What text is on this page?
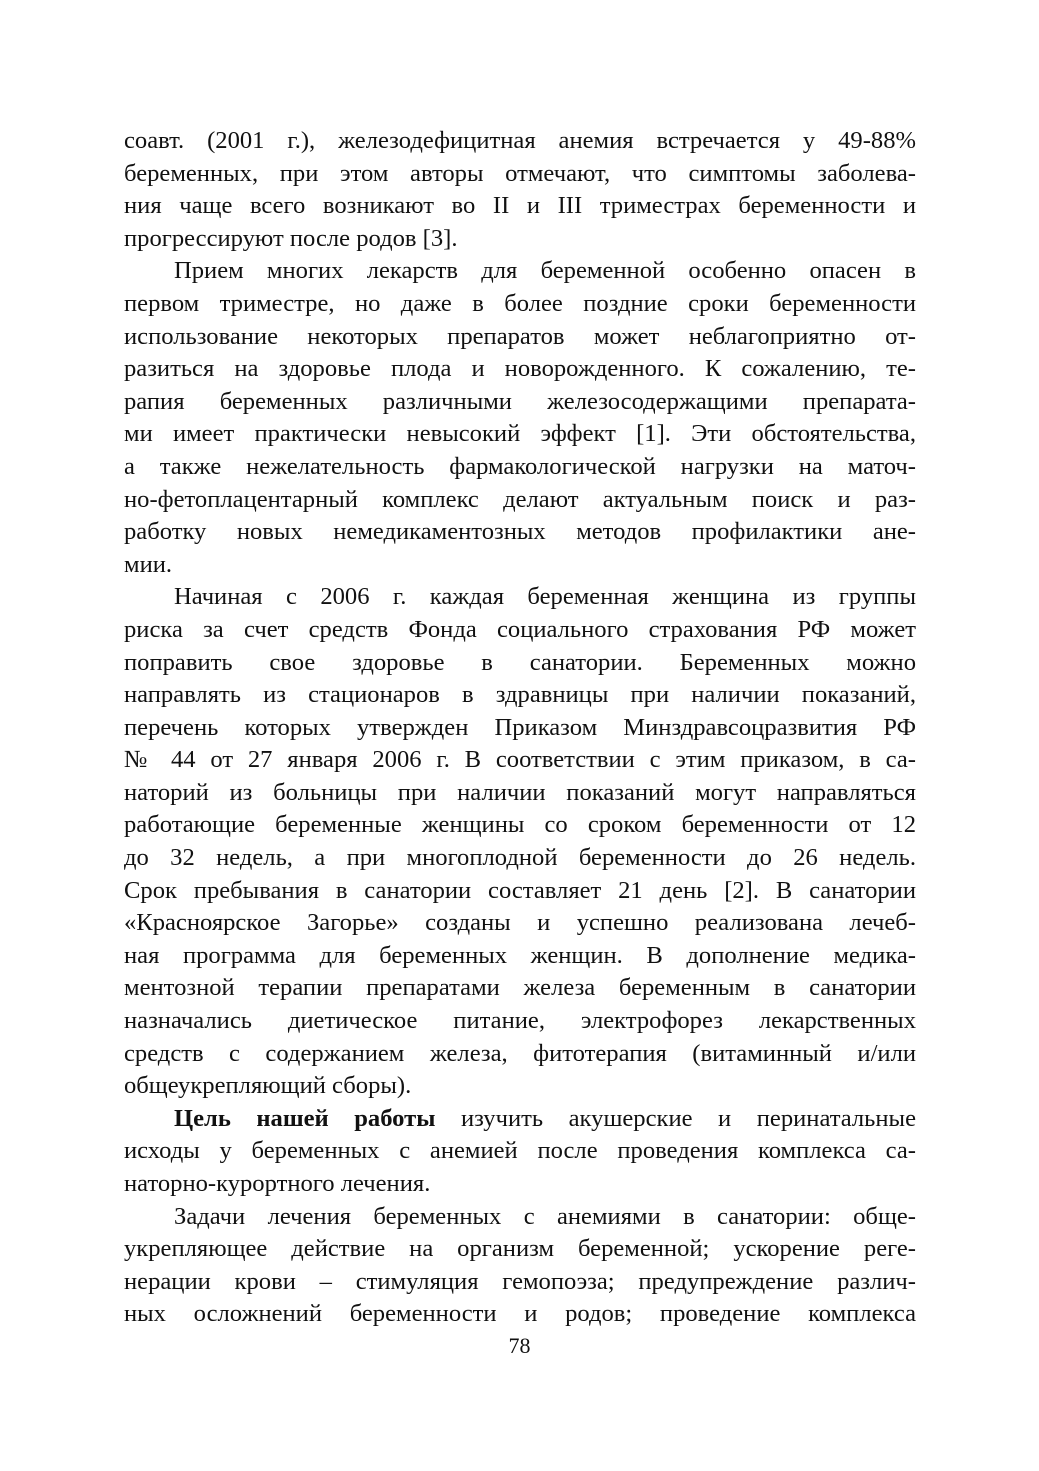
соавт. (2001 г.), железодефицитная анемия встречается у 49-88%
беременных, при этом авторы отмечают, что симптомы заболева-
ния чаще всего возникают во II и III триместрах беременности и
прогрессируют после родов [3].
Прием многих лекарств для беременной особенно опасен в
первом триместре, но даже в более поздние сроки беременности
использование некоторых препаратов может неблагоприятно от-
разиться на здоровье плода и новорожденного. К сожалению, те-
рапия беременных различными железосодержащими препарата-
ми имеет практически невысокий эффект [1]. Эти обстоятельства,
а также нежелательность фармакологической нагрузки на маточ-
но-фетоплацентарный комплекс делают актуальным поиск и раз-
работку новых немедикаментозных методов профилактики ане-
мии.
Начиная с 2006 г. каждая беременная женщина из группы
риска за счет средств Фонда социального страхования РФ может
поправить свое здоровье в санатории. Беременных можно
направлять из стационаров в здравницы при наличии показаний,
перечень которых утвержден Приказом Минздравсоцразвития РФ
№ 44 от 27 января 2006 г. В соответствии с этим приказом, в са-
наторий из больницы при наличии показаний могут направляться
работающие беременные женщины со сроком беременности от 12
до 32 недель, а при многоплодной беременности до 26 недель.
Срок пребывания в санатории составляет 21 день [2]. В санатории
«Красноярское Загорье» созданы и успешно реализована лечеб-
ная программа для беременных женщин. В дополнение медика-
ментозной терапии препаратами железа беременным в санатории
назначались диетическое питание, электрофорез лекарственных
средств с содержанием железа, фитотерапия (витаминный и/или
общеукрепляющий сборы).
Цель нашей работы изучить акушерские и перинатальные
исходы у беременных с анемией после проведения комплекса са-
наторно-курортного лечения.
Задачи лечения беременных с анемиями в санатории: обще-
укрепляющее действие на организм беременной; ускорение реге-
нерации крови – стимуляция гемопоэза; предупреждение различ-
ных осложнений беременности и родов; проведение комплекса
78
